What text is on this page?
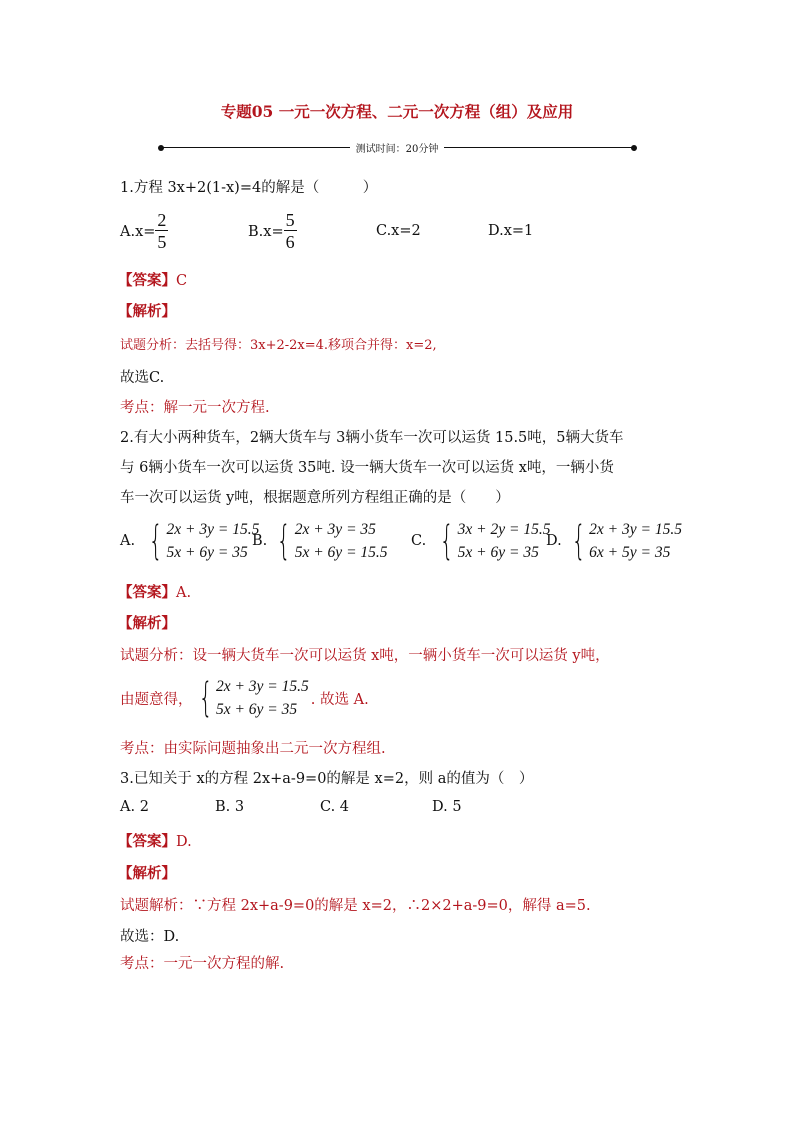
专题05 一元一次方程、二元一次方程（组）及应用
测试时间：20分钟
1.方程 3x+2(1-x)=4的解是（　　　）
$A.x= \frac{2}{5}$	$B.x= \frac{5}{6}$	C.x=2	D.x=1
【答案】C
【解析】
试题分析：去括号得：3x+2-2x=4.移项合并得：x=2,
故选C.
考点：解一元一次方程.
2.有大小两种货车，2辆大货车与 3辆小货车一次可以运货 15.5吨，5辆大货车
与 6辆小货车一次可以运货 35吨. 设一辆大货车一次可以运货 x吨，一辆小货
车一次可以运货 y吨，根据题意所列方程组正确的是（　　）
A. { 2x + 3y = 15.5
5x + 6y = 35
B. { 2x + 3y = 35
5x + 6y = 15.5
C. { 3x + 2y = 15.5
5x + 6y = 35
D. { 2x + 3y = 15.5
6x + 5y = 35
【答案】A.
【解析】
试题分析：设一辆大货车一次可以运货 x吨，一辆小货车一次可以运货 y吨，
由题意得， { 2x + 3y = 15.5
5x + 6y = 35
. 故选 A.
考点：由实际问题抽象出二元一次方程组.
3.已知关于 x的方程 2x+a-9=0的解是 x=2，则 a的值为（　）
A. 2	B. 3	C. 4	D. 5
【答案】D.
【解析】
试题解析：∵方程 2x+a-9=0的解是 x=2，∴2×2+a-9=0，解得 a=5.
故选：D.
考点：一元一次方程的解.
